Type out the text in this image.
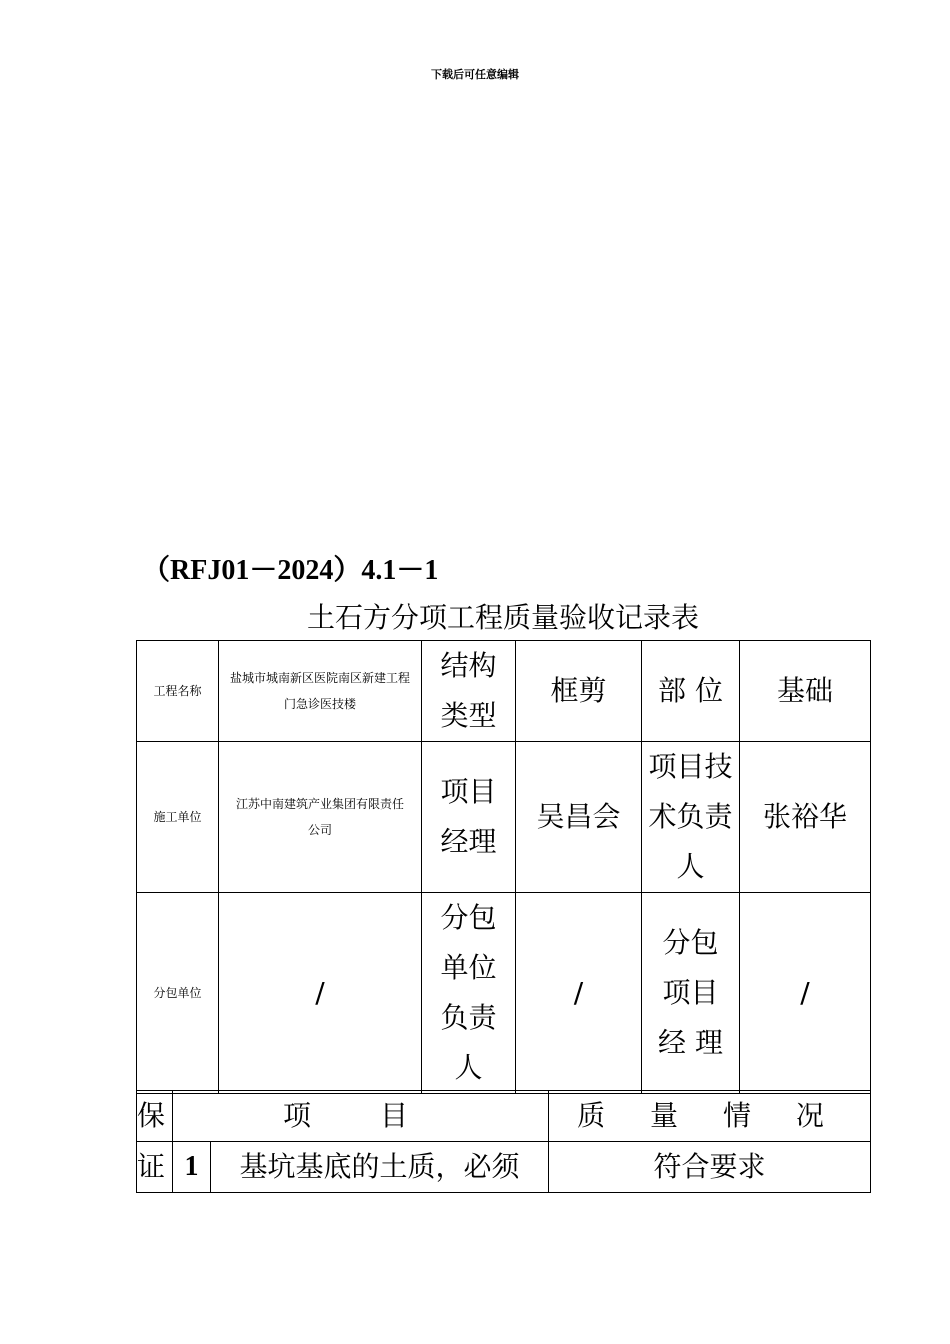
下载后可任意编辑
（RFJ01－2024）4.1－1
土石方分项工程质量验收记录表
工程名称	盐城市城南新区医院南区新建工程门急诊医技楼	结构类型	框剪	部 位	基础
施工单位	江苏中南建筑产业集团有限责任公司	项目经理	吴昌会	项目技术负责人	张裕华
分包单位	/	分包单位负责人	/	分包项目经 理	/
保	项 目		质 量 情 况
证	1	基坑基底的土质，必须	符合要求
